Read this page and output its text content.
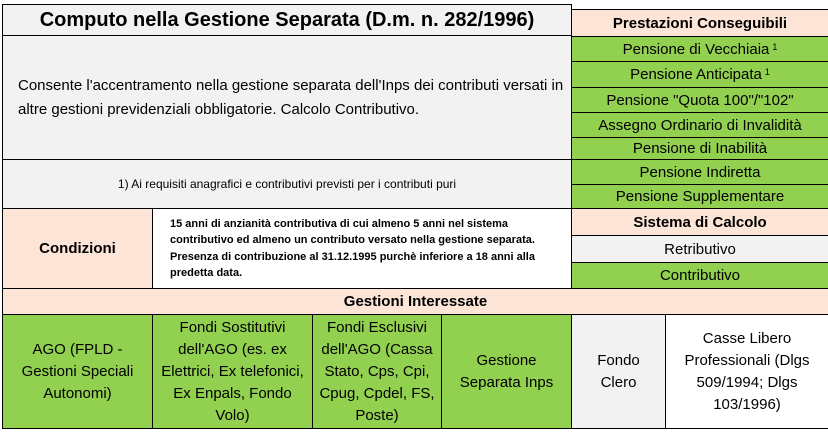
Computo nella Gestione Separata (D.m. n. 282/1996)
Consente l'accentramento nella gestione separata dell'Inps dei contributi versati in altre gestioni previdenziali obbligatorie. Calcolo Contributivo.
1) Ai requisiti anagrafici e contributivi previsti per i contributi puri
Prestazioni Conseguibili
Pensione di Vecchiaia $^1$
Pensione Anticipata $^1$
Pensione "Quota 100"/"102"
Assegno Ordinario di Invalidità
Pensione di Inabilità
Pensione Indiretta
Pensione Supplementare
Condizioni
15 anni di anzianità contributiva di cui almeno 5 anni nel sistema contributivo ed almeno un contributo versato nella gestione separata. Presenza di contribuzione al 31.12.1995 purchè inferiore a 18 anni alla predetta data.
Sistema di Calcolo
Retributivo
Contributivo
Gestioni Interessate
AGO (FPLD - Gestioni Speciali Autonomi)
Fondi Sostitutivi dell'AGO (es. ex Elettrici, Ex telefonici, Ex Enpals, Fondo Volo)
Fondi Esclusivi dell'AGO (Cassa Stato, Cps, Cpi, Cpug, Cpdel, FS, Poste)
Gestione Separata Inps
Fondo Clero
Casse Libero Professionali (Dlgs 509/1994; Dlgs 103/1996)
